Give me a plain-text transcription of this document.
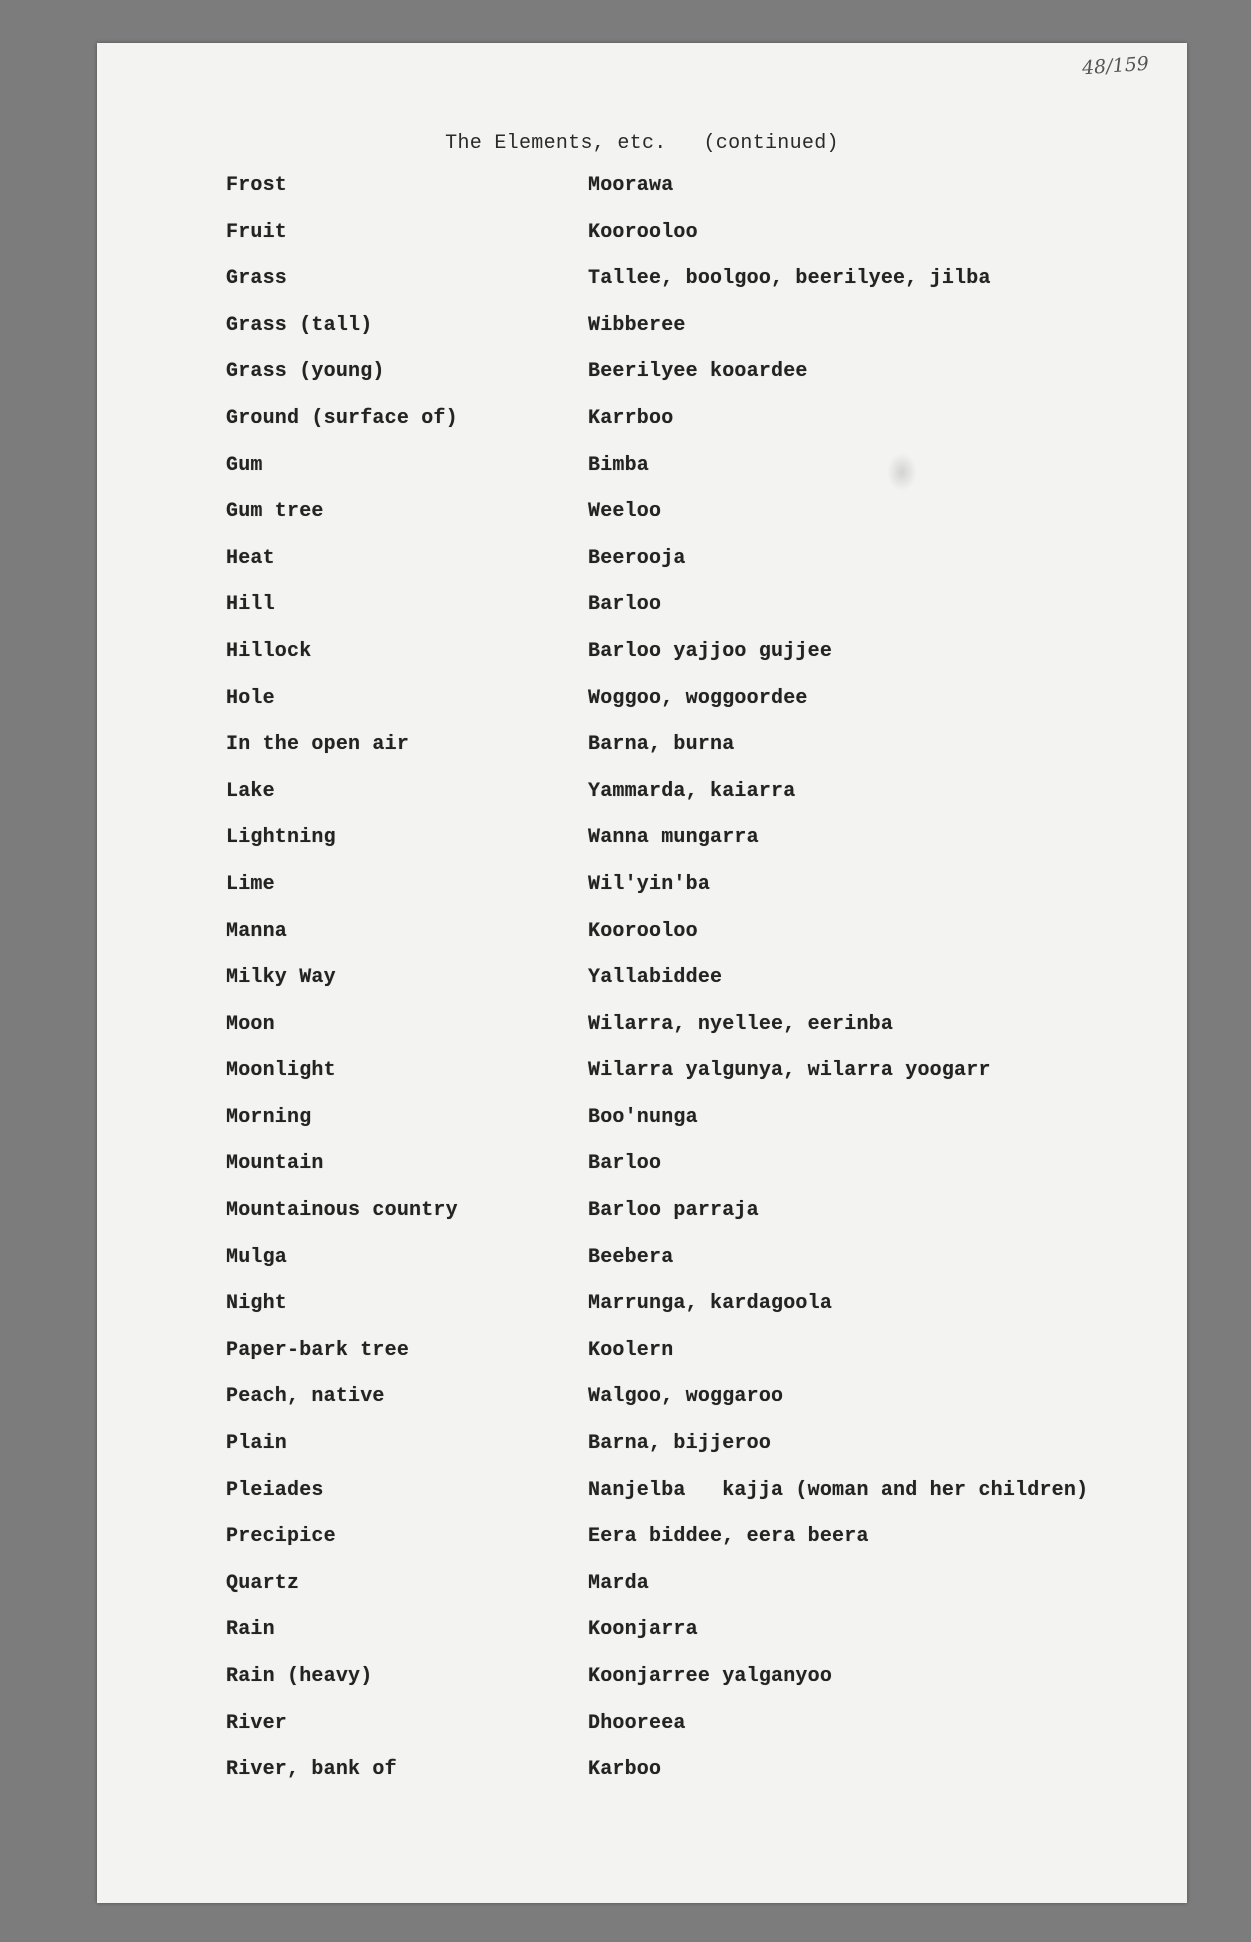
48/159
The Elements, etc.   (continued)
Frost	Moorawa
Fruit	Koorooloo
Grass	Tallee, boolgoo, beerilyee, jilba
Grass (tall)	Wibberee
Grass (young)	Beerilyee kooardee
Ground (surface of)	Karrboo
Gum	Bimba
Gum tree	Weeloo
Heat	Beerooja
Hill	Barloo
Hillock	Barloo yajjoo gujjee
Hole	Woggoo, woggoordee
In the open air	Barna, burna
Lake	Yammarda, kaiarra
Lightning	Wanna mungarra
Lime	Wil'yin'ba
Manna	Koorooloo
Milky Way	Yallabiddee
Moon	Wilarra, nyellee, eerinba
Moonlight	Wilarra yalgunya, wilarra yoogarr
Morning	Boo'nunga
Mountain	Barloo
Mountainous country	Barloo parraja
Mulga	Beebera
Night	Marrunga, kardagoola
Paper-bark tree	Koolern
Peach, native	Walgoo, woggaroo
Plain	Barna, bijjeroo
Pleiades	Nanjelba   kajja (woman and her children)
Precipice	Eera biddee, eera beera
Quartz	Marda
Rain	Koonjarra
Rain (heavy)	Koonjarree yalganyoo
River	Dhooreea
River, bank of	Karboo
